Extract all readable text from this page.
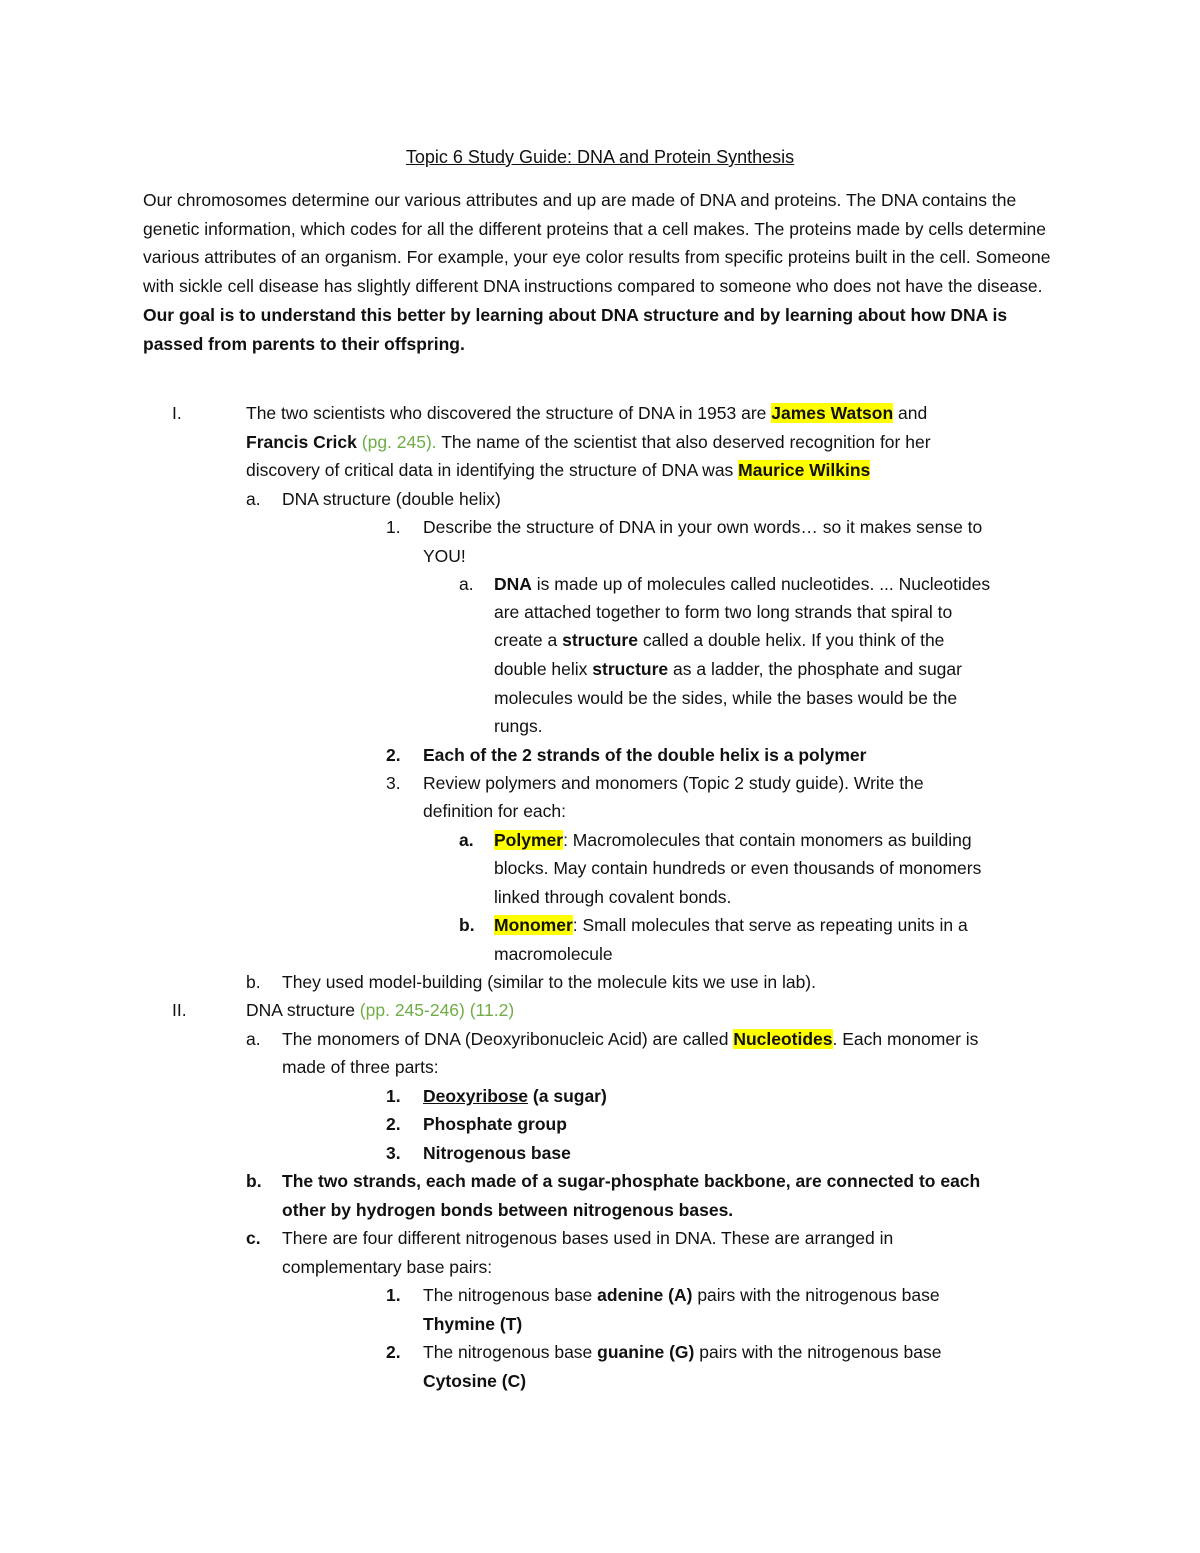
Topic 6 Study Guide: DNA and Protein Synthesis
Our chromosomes determine our various attributes and up are made of DNA and proteins. The DNA contains the genetic information, which codes for all the different proteins that a cell makes. The proteins made by cells determine various attributes of an organism. For example, your eye color results from specific proteins built in the cell. Someone with sickle cell disease has slightly different DNA instructions compared to someone who does not have the disease. Our goal is to understand this better by learning about DNA structure and by learning about how DNA is passed from parents to their offspring.
I.	The two scientists who discovered the structure of DNA in 1953 are James Watson and
Francis Crick (pg. 245). The name of the scientist that also deserved recognition for her
discovery of critical data in identifying the structure of DNA was Maurice Wilkins
a. DNA structure (double helix)
1. Describe the structure of DNA in your own words… so it makes sense to
YOU!
a. DNA is made up of molecules called nucleotides. ... Nucleotides
are attached together to form two long strands that spiral to
create a structure called a double helix. If you think of the
double helix structure as a ladder, the phosphate and sugar
molecules would be the sides, while the bases would be the
rungs.
2. Each of the 2 strands of the double helix is a polymer
3. Review polymers and monomers (Topic 2 study guide). Write the
definition for each:
a. Polymer: Macromolecules that contain monomers as building
blocks. May contain hundreds or even thousands of monomers
linked through covalent bonds.
b. Monomer: Small molecules that serve as repeating units in a
macromolecule
b. They used model-building (similar to the molecule kits we use in lab).
II.	DNA structure (pp. 245-246) (11.2)
a. The monomers of DNA (Deoxyribonucleic Acid) are called Nucleotides. Each monomer is
made of three parts:
1. Deoxyribose (a sugar)
2. Phosphate group
3. Nitrogenous base
b. The two strands, each made of a sugar-phosphate backbone, are connected to each
other by hydrogen bonds between nitrogenous bases.
c. There are four different nitrogenous bases used in DNA. These are arranged in
complementary base pairs:
1. The nitrogenous base adenine (A) pairs with the nitrogenous base
Thymine (T)
2. The nitrogenous base guanine (G) pairs with the nitrogenous base
Cytosine (C)
